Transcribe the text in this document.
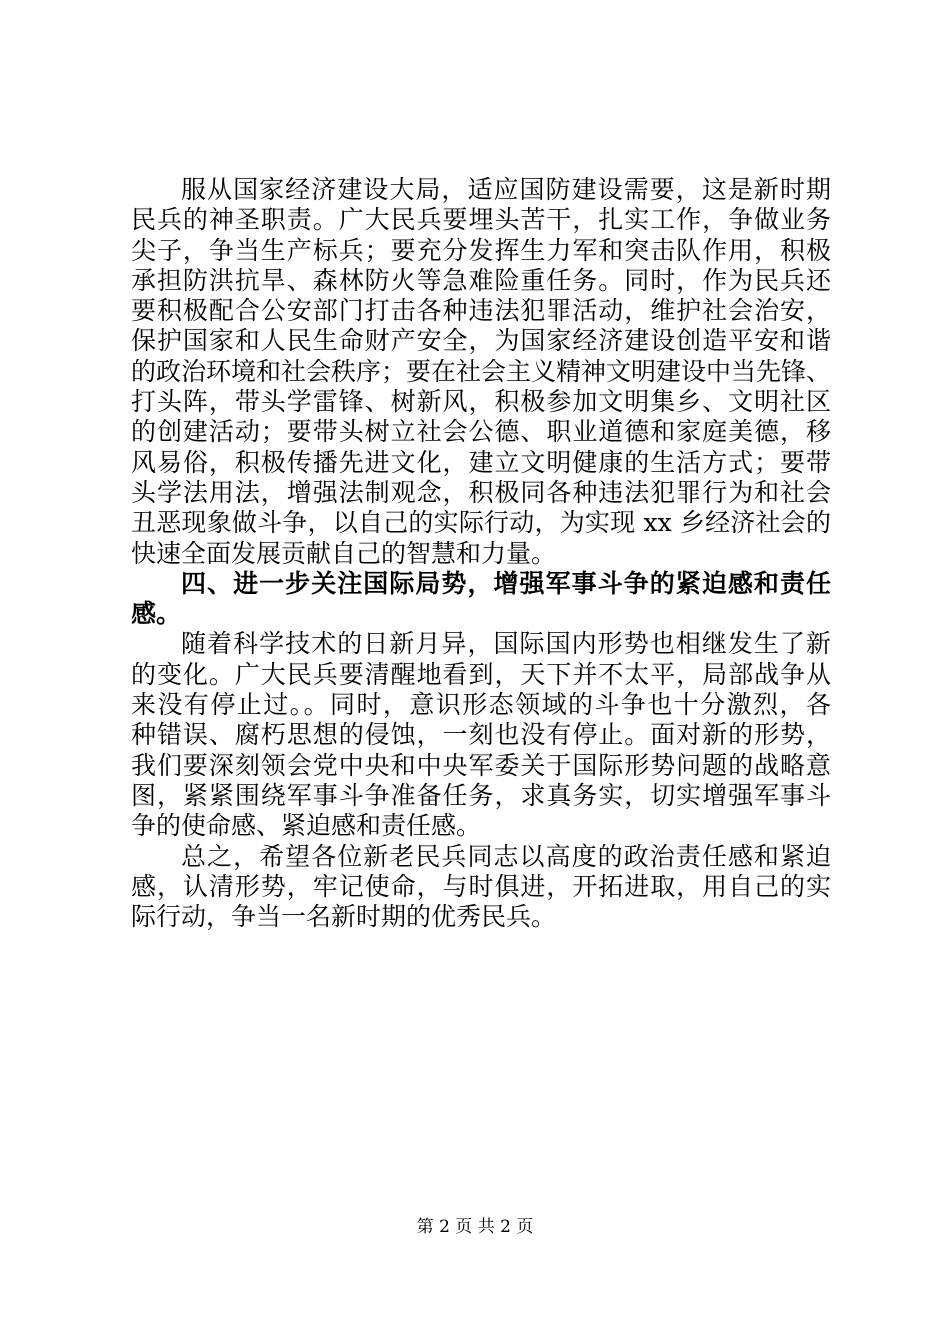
服从国家经济建设大局，适应国防建设需要，这是新时期
民兵的神圣职责。广大民兵要埋头苦干，扎实工作，争做业务
尖子，争当生产标兵；要充分发挥生力军和突击队作用，积极
承担防洪抗旱、森林防火等急难险重任务。同时，作为民兵还
要积极配合公安部门打击各种违法犯罪活动，维护社会治安，
保护国家和人民生命财产安全，为国家经济建设创造平安和谐
的政治环境和社会秩序；要在社会主义精神文明建设中当先锋、
打头阵，带头学雷锋、树新风，积极参加文明集乡、文明社区
的创建活动；要带头树立社会公德、职业道德和家庭美德，移
风易俗，积极传播先进文化，建立文明健康的生活方式；要带
头学法用法，增强法制观念，积极同各种违法犯罪行为和社会
丑恶现象做斗争，以自己的实际行动，为实现 xx 乡经济社会的
快速全面发展贡献自己的智慧和力量。
四、进一步关注国际局势，增强军事斗争的紧迫感和责任
感。
随着科学技术的日新月异，国际国内形势也相继发生了新
的变化。广大民兵要清醒地看到，天下并不太平，局部战争从
来没有停止过。。同时，意识形态领域的斗争也十分激烈，各
种错误、腐朽思想的侵蚀，一刻也没有停止。面对新的形势，
我们要深刻领会党中央和中央军委关于国际形势问题的战略意
图，紧紧围绕军事斗争准备任务，求真务实，切实增强军事斗
争的使命感、紧迫感和责任感。
总之，希望各位新老民兵同志以高度的政治责任感和紧迫
感，认清形势，牢记使命，与时俱进，开拓进取，用自己的实
际行动，争当一名新时期的优秀民兵。
第 2 页 共 2 页
